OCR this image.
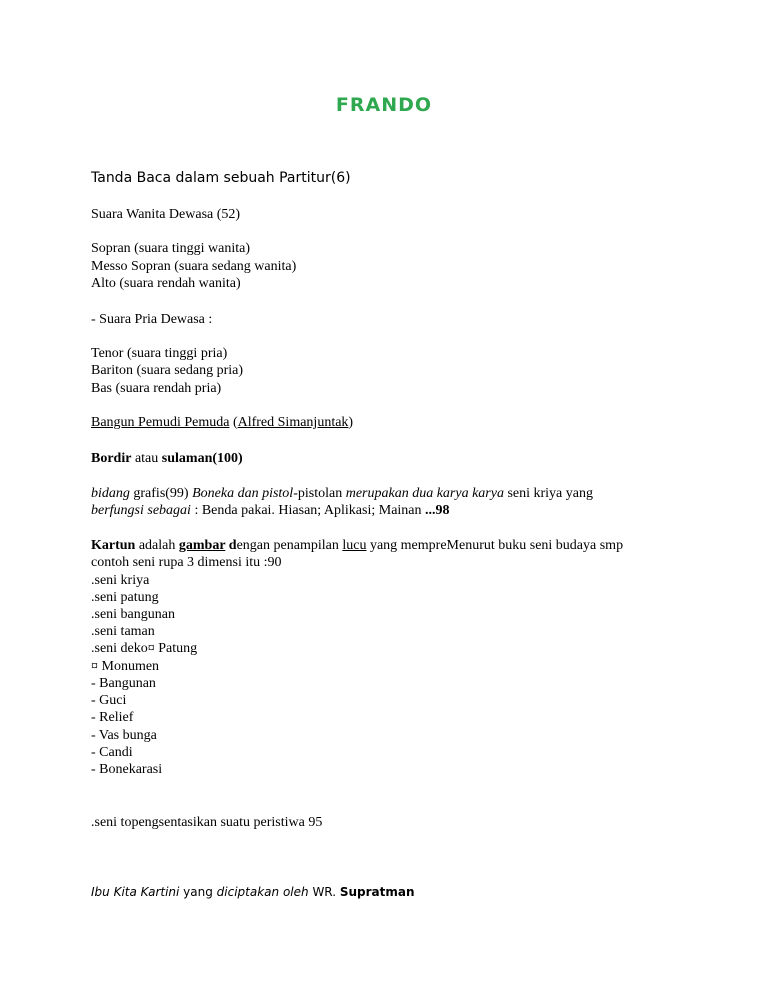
FRANDO
Tanda Baca dalam sebuah Partitur(6)
Suara Wanita Dewasa (52)
Sopran (suara tinggi wanita)
Messo Sopran (suara sedang wanita)
Alto (suara rendah wanita)
- Suara Pria Dewasa :
Tenor (suara tinggi pria)
Bariton (suara sedang pria)
Bas (suara rendah pria)
Bangun Pemudi Pemuda (Alfred Simanjuntak)
Bordir atau sulaman(100)
bidang grafis(99) Boneka dan pistol-pistolan merupakan dua karya karya seni kriya yang
berfungsi sebagai : Benda pakai. Hiasan; Aplikasi; Mainan ...98
Kartun adalah gambar dengan penampilan lucu yang mempreMenurut buku seni budaya smp
contoh seni rupa 3 dimensi itu :90
.seni kriya
.seni patung
.seni bangunan
.seni taman
.seni deko¤ Patung
¤ Monumen
- Bangunan
- Guci
- Relief
- Vas bunga
- Candi
- Bonekarasi
.seni topengsentasikan suatu peristiwa 95
Ibu Kita Kartini yang diciptakan oleh WR. Supratman
